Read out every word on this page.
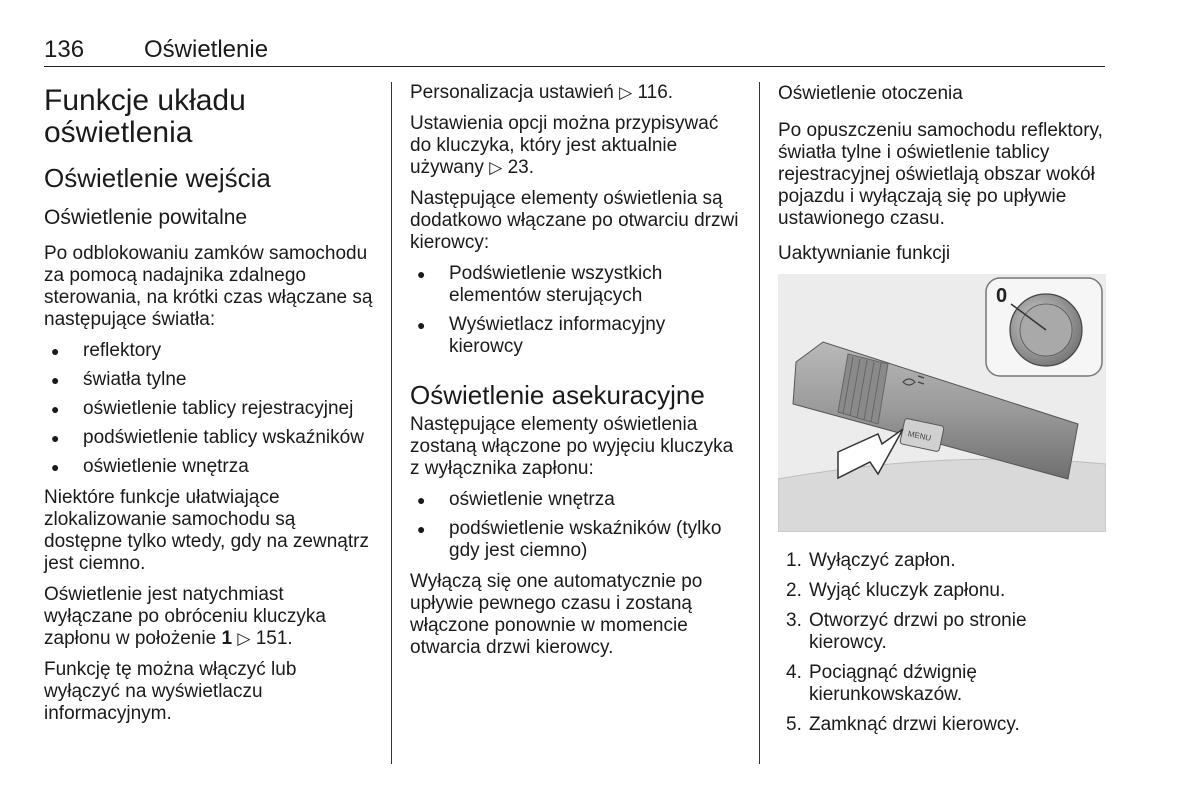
136 Oświetlenie
Funkcje układu oświetlenia
Oświetlenie wejścia
Oświetlenie powitalne

Po odblokowaniu zamków samochodu za pomocą nadajnika zdalnego sterowania, na krótki czas włączane są następujące światła:

● reflektory
● światła tylne
● oświetlenie tablicy rejestracyjnej
● podświetlenie tablicy wskaźników
● oświetlenie wnętrza

Niektóre funkcje ułatwiające zlokalizowanie samochodu są dostępne tylko wtedy, gdy na zewnątrz jest ciemno.

Oświetlenie jest natychmiast wyłączane po obróceniu kluczyka zapłonu w położenie 1 ▷ 151.

Funkcję tę można włączyć lub wyłączyć na wyświetlaczu informacyjnym.

Personalizacja ustawień ▷ 116.

Ustawienia opcji można przypisywać do kluczyka, który jest aktualnie używany ▷ 23.

Następujące elementy oświetlenia są dodatkowo włączane po otwarciu drzwi kierowcy:

● Podświetlenie wszystkich elementów sterujących
● Wyświetlacz informacyjny kierowcy
Oświetlenie asekuracyjne

Następujące elementy oświetlenia zostaną włączone po wyjęciu kluczyka z wyłącznika zapłonu:

● oświetlenie wnętrza
● podświetlenie wskaźników (tylko gdy jest ciemno)

Wyłączą się one automatycznie po upływie pewnego czasu i zostaną włączone ponownie w momencie otwarcia drzwi kierowcy.

Oświetlenie otoczenia

Po opuszczeniu samochodu reflektory, światła tylne i oświetlenie tablicy rejestracyjnej oświetlają obszar wokół pojazdu i wyłączają się po upływie ustawionego czasu.

Uaktywnianie funkcji
MENU
0
1. Wyłączyć zapłon.
2. Wyjąć kluczyk zapłonu.
3. Otworzyć drzwi po stronie kierowcy.
4. Pociągnąć dźwignię kierunkowskazów.
5. Zamknąć drzwi kierowcy.
